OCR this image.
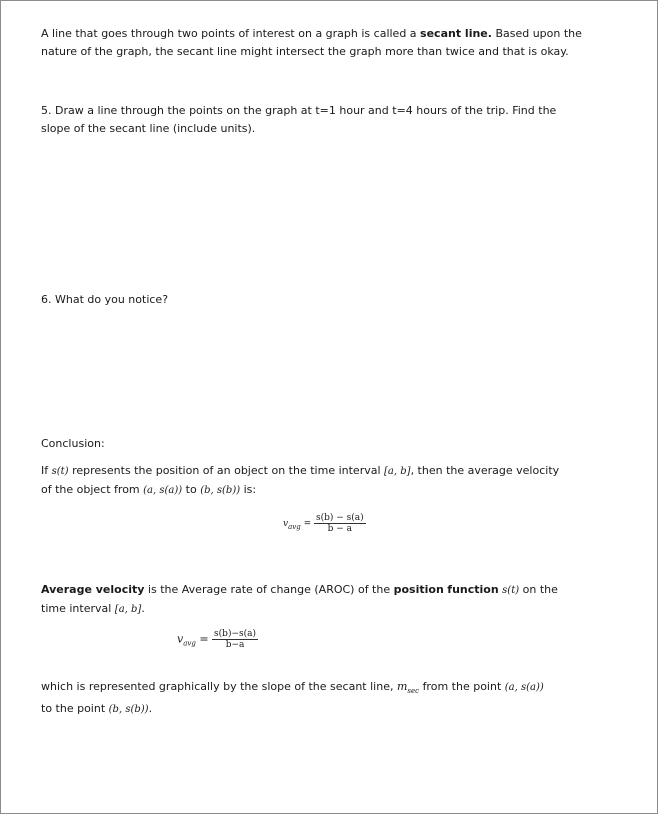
A line that goes through two points of interest on a graph is called a secant line. Based upon the
nature of the graph, the secant line might intersect the graph more than twice and that is okay.
5. Draw a line through the points on the graph at t=1 hour and t=4 hours of the trip. Find the
slope of the secant line (include units).
6. What do you notice?
Conclusion:
If s(t) represents the position of an object on the time interval [a, b], then the average velocity
of the object from (a, s(a)) to (b, s(b)) is:
$v_{avg} = \frac{s(b) - s(a)}{b - a}$
Average velocity is the Average rate of change (AROC) of the position function s(t) on the
time interval [a, b].
$v_{avg} = \frac{s(b)-s(a)}{b-a}$
which is represented graphically by the slope of the secant line, $m_{sec}$ from the point (a, s(a))
to the point (b, s(b)).
